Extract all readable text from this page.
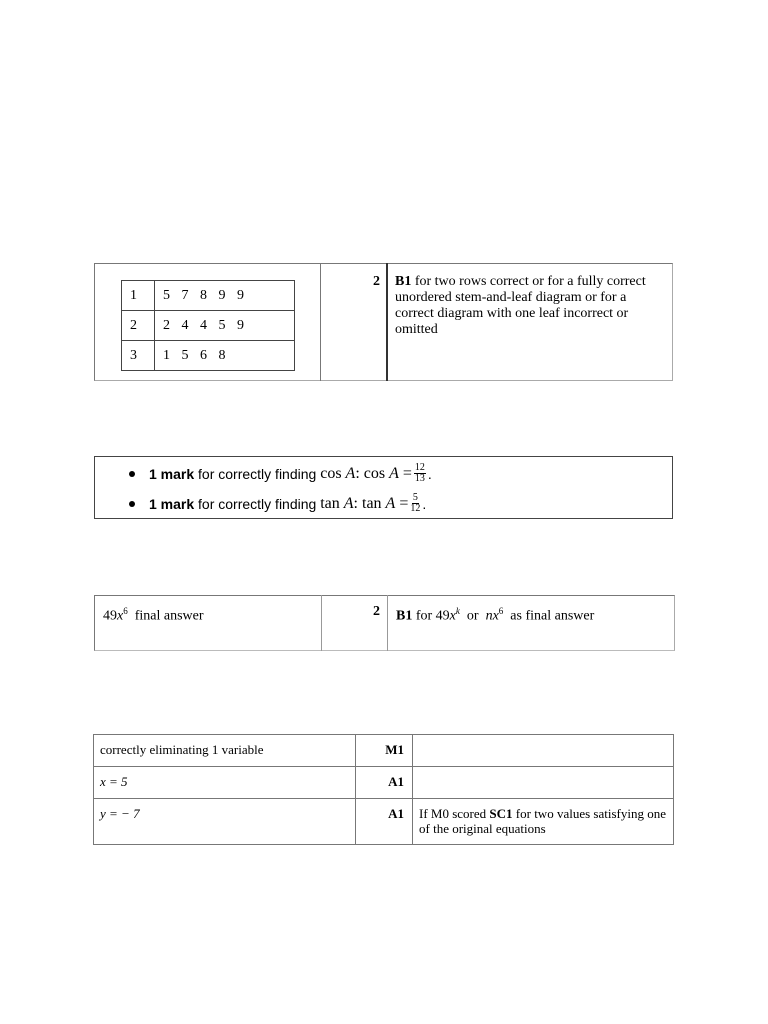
1	5 7 8 9 9
2	2 4 4 5 9
3	1 5 6 8
2 B1 for two rows correct or for a fully correct unordered stem-and-leaf diagram or for a correct diagram with one leaf incorrect or omitted
1 mark
for correctly finding
cos A: $\cos A = \frac{12}{13}$ .
1 mark
for correctly finding
tan A: $\tan A = \frac{5}{12}$ .
$49x^6$ final answer	2 B1 for $49x^k$ or $nx^6$ as final answer
correctly eliminating 1 variable	M1	
x = 5	A1	
y = − 7	A1	If M0 scored SC1 for two values satisfying one of the original equations
